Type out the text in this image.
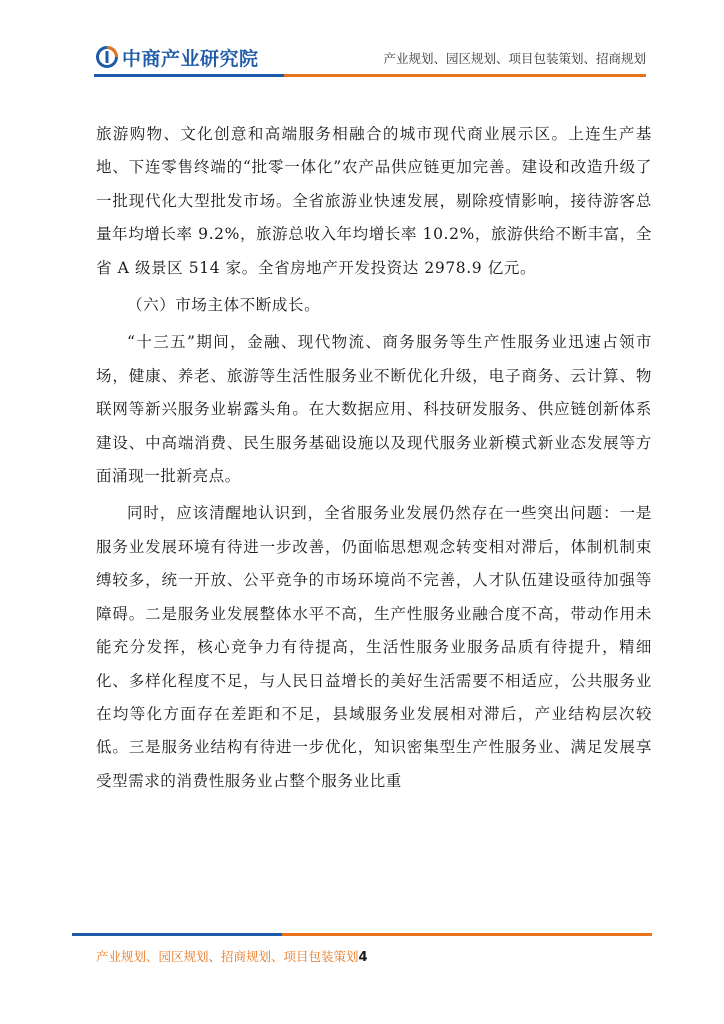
中商产业研究院	产业规划、园区规划、项目包装策划、招商规划

旅游购物、文化创意和高端服务相融合的城市现代商业展示区。上连生产基地、下连零售终端的“批零一体化”农产品供应链更加完善。建设和改造升级了一批现代化大型批发市场。全省旅游业快速发展，剔除疫情影响，接待游客总量年均增长率 9.2%，旅游总收入年均增长率 10.2%，旅游供给不断丰富，全省 A 级景区 514 家。全省房地产开发投资达 2978.9 亿元。

（六）市场主体不断成长。

“十三五”期间，金融、现代物流、商务服务等生产性服务业迅速占领市场，健康、养老、旅游等生活性服务业不断优化升级，电子商务、云计算、物联网等新兴服务业崭露头角。在大数据应用、科技研发服务、供应链创新体系建设、中高端消费、民生服务基础设施以及现代服务业新模式新业态发展等方面涌现一批新亮点。

同时，应该清醒地认识到，全省服务业发展仍然存在一些突出问题：一是服务业发展环境有待进一步改善，仍面临思想观念转变相对滞后，体制机制束缚较多，统一开放、公平竞争的市场环境尚不完善，人才队伍建设亟待加强等障碍。二是服务业发展整体水平不高，生产性服务业融合度不高，带动作用未能充分发挥，核心竞争力有待提高，生活性服务业服务品质有待提升，精细化、多样化程度不足，与人民日益增长的美好生活需要不相适应，公共服务业在均等化方面存在差距和不足，县域服务业发展相对滞后，产业结构层次较低。三是服务业结构有待进一步优化，知识密集型生产性服务业、满足发展享受型需求的消费性服务业占整个服务业比重

产业规划、园区规划、招商规划、项目包装策划4
